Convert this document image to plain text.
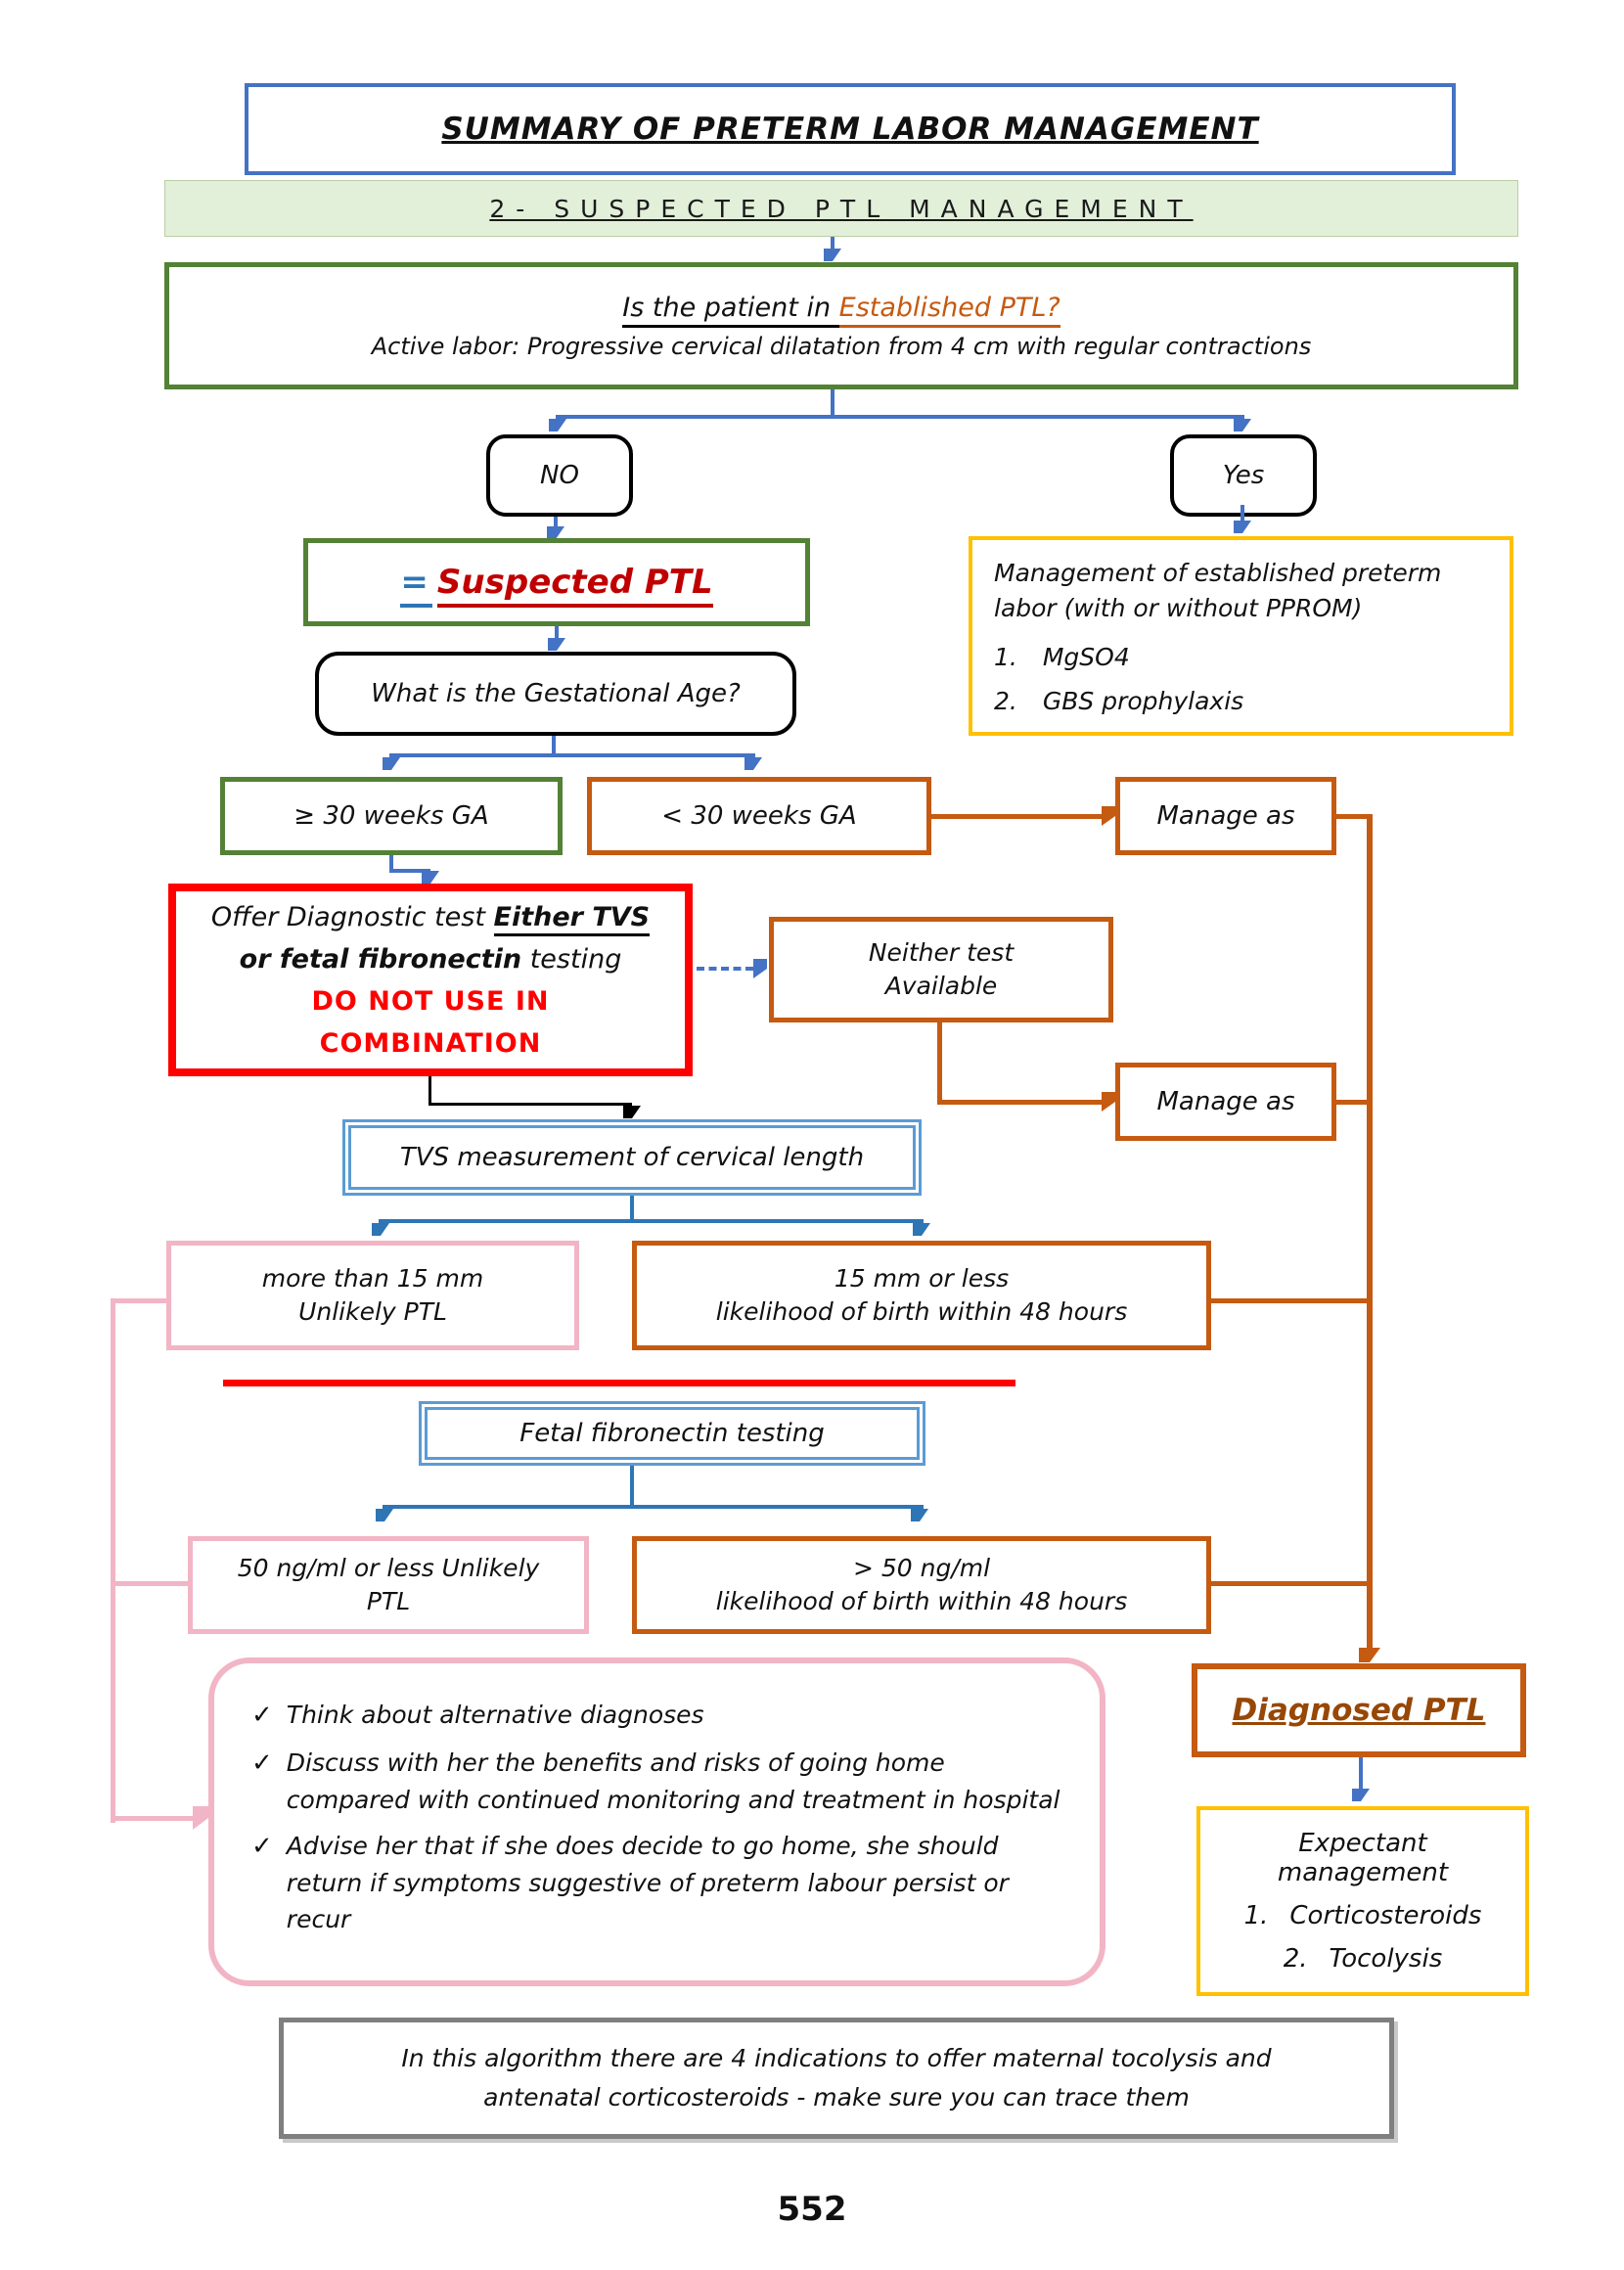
SUMMARY OF PRETERM LABOR MANAGEMENT
2- SUSPECTED PTL MANAGEMENT
Is the patient in Established PTL?
Active labor: Progressive cervical dilatation from 4 cm with regular contractions
NO	Yes
= Suspected PTL	Management of established preterm labor (with or without PPROM)
1. MgSO4
2. GBS prophylaxis
What is the Gestational Age?
≥ 30 weeks GA	< 30 weeks GA	Manage as
Offer Diagnostic test Either TVS
or fetal fibronectin testing
DO NOT USE IN
COMBINATION
Neither test
Available
Manage as
TVS measurement of cervical length
more than 15 mm
Unlikely PTL
15 mm or less
likelihood of birth within 48 hours
Fetal fibronectin testing
50 ng/ml or less Unlikely
PTL
> 50 ng/ml
likelihood of birth within 48 hours
✓ Think about alternative diagnoses
✓ Discuss with her the benefits and risks of going home compared with continued monitoring and treatment in hospital
✓ Advise her that if she does decide to go home, she should return if symptoms suggestive of preterm labour persist or recur
Diagnosed PTL
Expectant
management
1. Corticosteroids
2. Tocolysis
In this algorithm there are 4 indications to offer maternal tocolysis and
antenatal corticosteroids - make sure you can trace them
552
